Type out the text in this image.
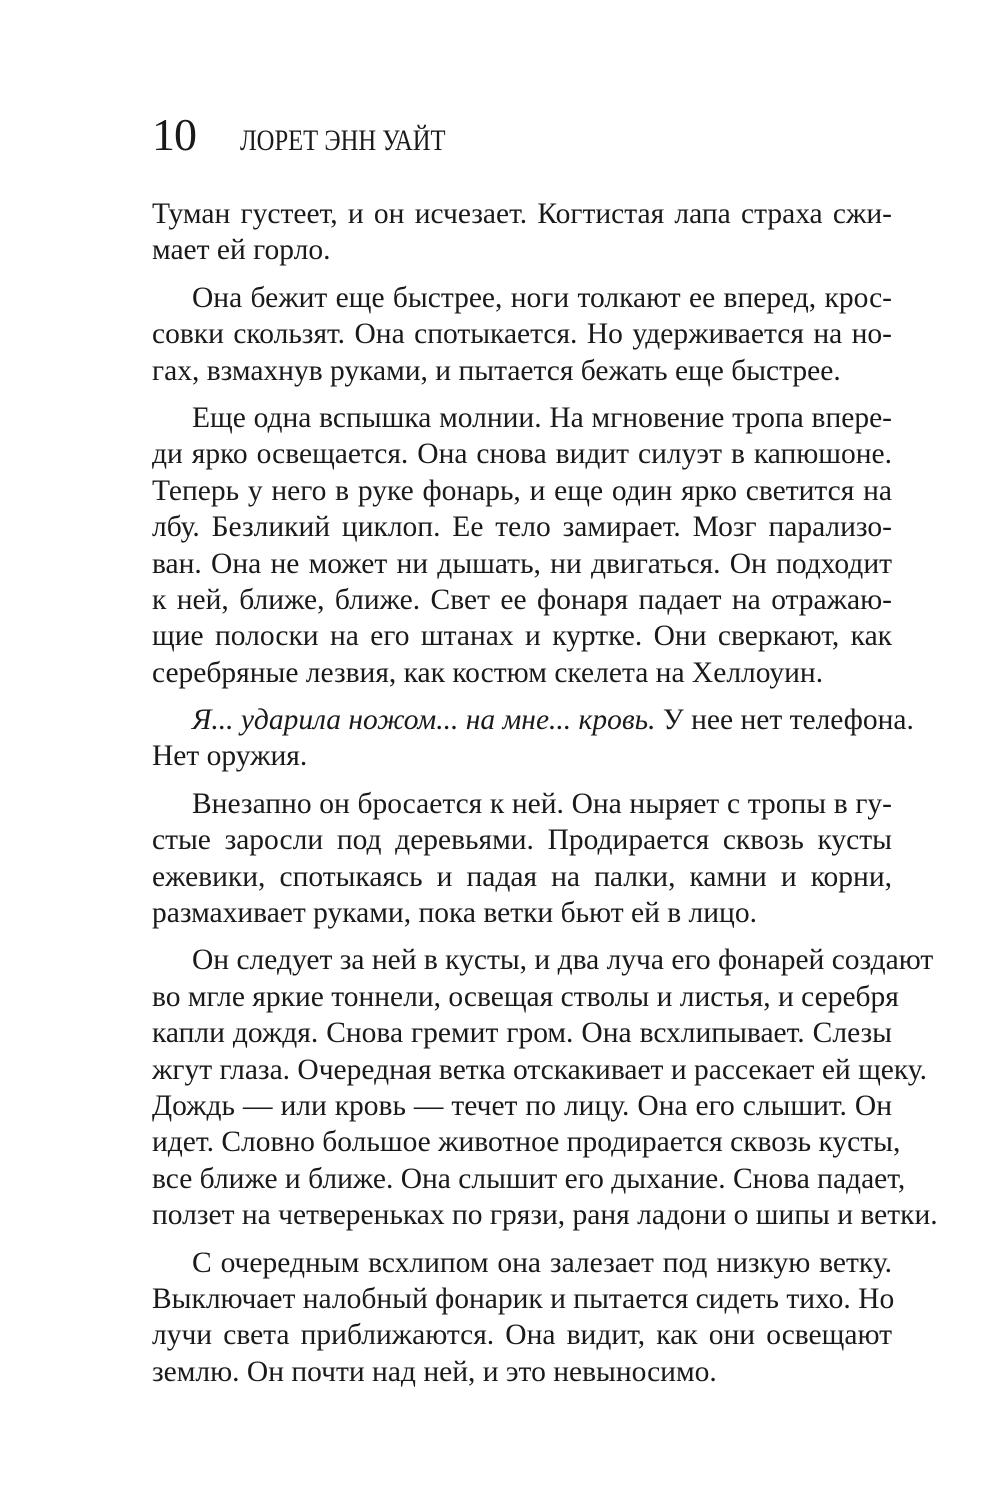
10 ЛОРЕТ ЭНН УАЙТ
Туман густеет, и он исчезает. Когтистая лапа страха сжи-
мает ей горло.
Она бежит еще быстрее, ноги толкают ее вперед, крос-
совки скользят. Она спотыкается. Но удерживается на но-
гах, взмахнув руками, и пытается бежать еще быстрее.
Еще одна вспышка молнии. На мгновение тропа впере-
ди ярко освещается. Она снова видит силуэт в капюшоне.
Теперь у него в руке фонарь, и еще один ярко светится на
лбу. Безликий циклоп. Ее тело замирает. Мозг парализо-
ван. Она не может ни дышать, ни двигаться. Он подходит
к ней, ближе, ближе. Свет ее фонаря падает на отражаю-
щие полоски на его штанах и куртке. Они сверкают, как
серебряные лезвия, как костюм скелета на Хеллоуин.
Я... ударила ножом... на мне... кровь. У нее нет телефона.
Нет оружия.
Внезапно он бросается к ней. Она ныряет с тропы в гу-
стые заросли под деревьями. Продирается сквозь кусты
ежевики, спотыкаясь и падая на палки, камни и корни,
размахивает руками, пока ветки бьют ей в лицо.
Он следует за ней в кусты, и два луча его фонарей создают
во мгле яркие тоннели, освещая стволы и листья, и серебря
капли дождя. Снова гремит гром. Она всхлипывает. Слезы
жгут глаза. Очередная ветка отскакивает и рассекает ей щеку.
Дождь — или кровь — течет по лицу. Она его слышит. Он
идет. Словно большое животное продирается сквозь кусты,
все ближе и ближе. Она слышит его дыхание. Снова падает,
ползет на четвереньках по грязи, раня ладони о шипы и ветки.
С очередным всхлипом она залезает под низкую ветку.
Выключает налобный фонарик и пытается сидеть тихо. Но
лучи света приближаются. Она видит, как они освещают
землю. Он почти над ней, и это невыносимо.
